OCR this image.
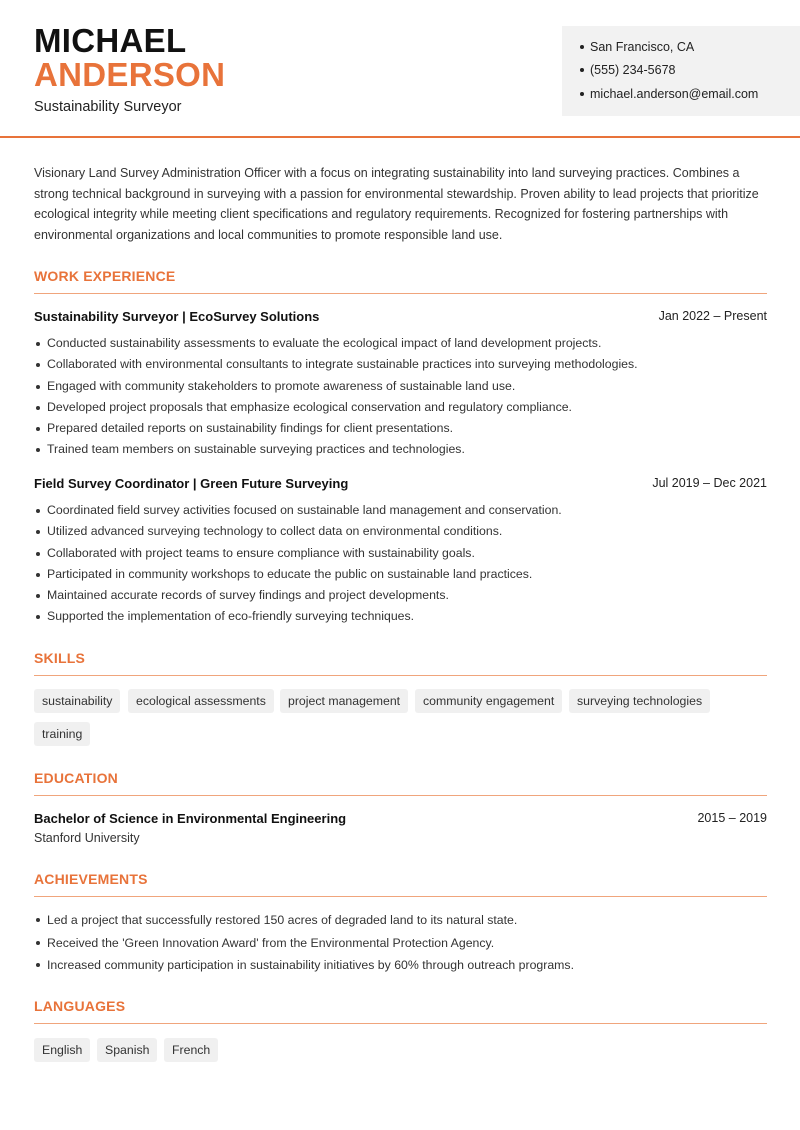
MICHAEL
ANDERSON
Sustainability Surveyor
San Francisco, CA
(555) 234-5678
michael.anderson@email.com
Visionary Land Survey Administration Officer with a focus on integrating sustainability into land surveying practices. Combines a strong technical background in surveying with a passion for environmental stewardship. Proven ability to lead projects that prioritize ecological integrity while meeting client specifications and regulatory requirements. Recognized for fostering partnerships with environmental organizations and local communities to promote responsible land use.
WORK EXPERIENCE
Sustainability Surveyor | EcoSurvey Solutions	Jan 2022 – Present
Conducted sustainability assessments to evaluate the ecological impact of land development projects.
Collaborated with environmental consultants to integrate sustainable practices into surveying methodologies.
Engaged with community stakeholders to promote awareness of sustainable land use.
Developed project proposals that emphasize ecological conservation and regulatory compliance.
Prepared detailed reports on sustainability findings for client presentations.
Trained team members on sustainable surveying practices and technologies.
Field Survey Coordinator | Green Future Surveying	Jul 2019 – Dec 2021
Coordinated field survey activities focused on sustainable land management and conservation.
Utilized advanced surveying technology to collect data on environmental conditions.
Collaborated with project teams to ensure compliance with sustainability goals.
Participated in community workshops to educate the public on sustainable land practices.
Maintained accurate records of survey findings and project developments.
Supported the implementation of eco-friendly surveying techniques.
SKILLS
sustainability	ecological assessments	project management	community engagement	surveying technologies
training
EDUCATION
Bachelor of Science in Environmental Engineering	2015 – 2019
Stanford University
ACHIEVEMENTS
Led a project that successfully restored 150 acres of degraded land to its natural state.
Received the 'Green Innovation Award' from the Environmental Protection Agency.
Increased community participation in sustainability initiatives by 60% through outreach programs.
LANGUAGES
English	Spanish	French
